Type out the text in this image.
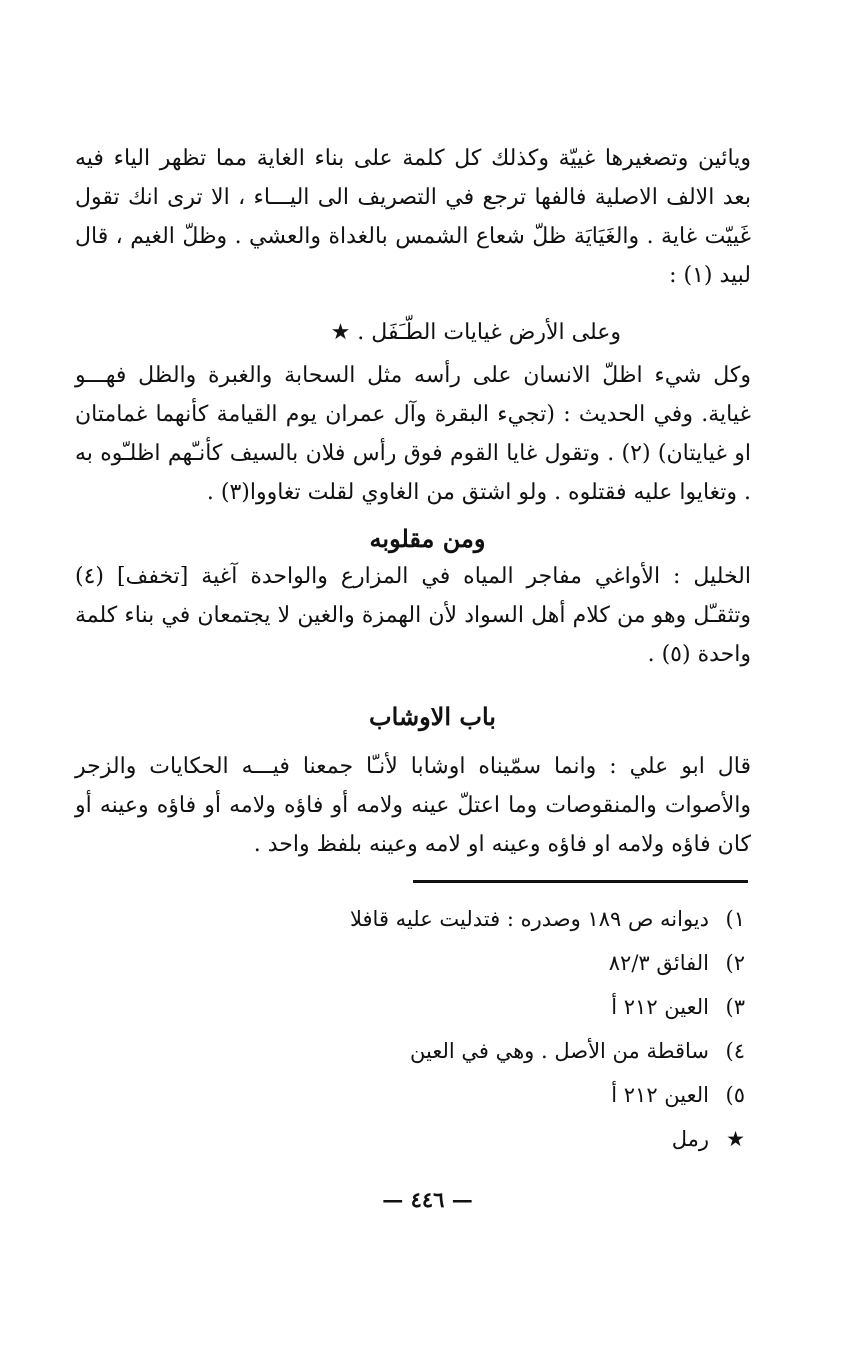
ويائين وتصغيرها غييّة وكذلك كل كلمة على بناء الغاية مما تظهر الياء فيه بعد الالف الاصلية فالفها ترجع في التصريف الى اليـــاء ، الا ترى انك تقول غَييّت غاية . والغَيَايَة ظلّ شعاع الشمس بالغداة والعشي . وظلّ الغيم ، قال لبيد (١) :

وعلى الأرض غيايات الطّـَفَل . ★

وكل شيء اظلّ الانسان على رأسه مثل السحابة والغبرة والظل فهـــو غياية. وفي الحديث : (تجيء البقرة وآل عمران يوم القيامة كأنهما غمامتان او غيايتان) (٢) . وتقول غايا القوم فوق رأس فلان بالسيف كأنـّهم اظلـّوه به . وتغايوا عليه فقتلوه . ولو اشتق من الغاوي لقلت تغاووا(٣) .

ومن مقلوبه

الخليل : الأواغي مفاجر المياه في المزارع والواحدة آغية [تخفف] (٤) وتثقـّل وهو من كلام أهل السواد لأن الهمزة والغين لا يجتمعان في بناء كلمة واحدة (٥) .

باب الاوشاب

قال ابو علي : وانما سمّيناه اوشابا لأنـّا جمعنا فيـــه الحكايات والزجر والأصوات والمنقوصات وما اعتلّ عينه ولامه أو فاؤه ولامه أو فاؤه وعينه أو كان فاؤه ولامه او فاؤه وعينه او لامه وعينه بلفظ واحد .

١)
ديوانه ص ١٨٩ وصدره : فتدليت عليه قافلا
٢)
الفائق ٨٢/٣
٣)
العين ٢١٢ أ
٤)
ساقطة من الأصل . وهي في العين
٥)
العين ٢١٢ أ
★
رمل

— ٤٤٦ —
